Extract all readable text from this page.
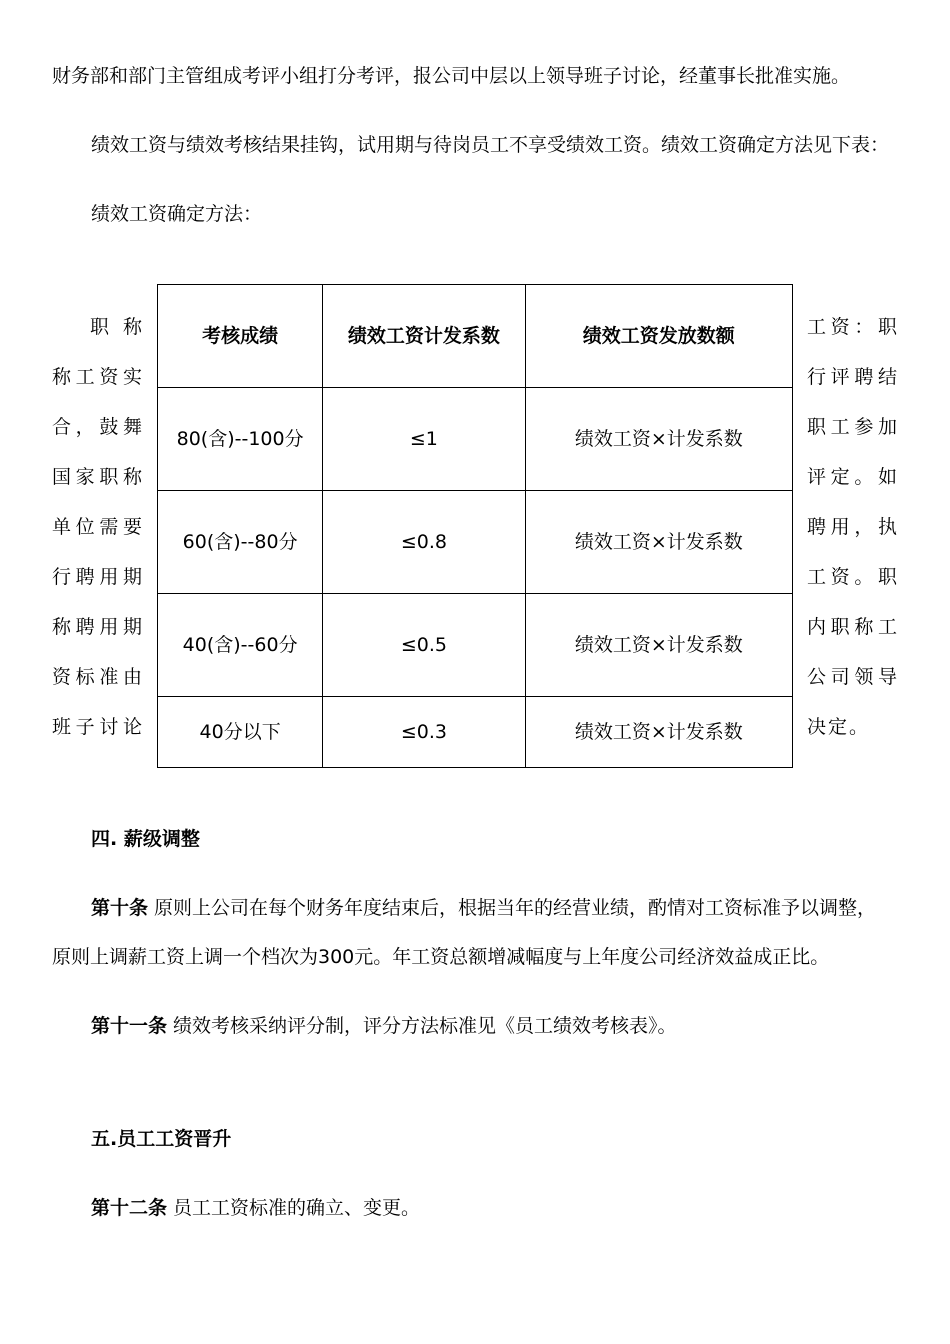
财务部和部门主管组成考评小组打分考评，报公司中层以上领导班子讨论，经董事长批准实施。
绩效工资与绩效考核结果挂钩，试用期与待岗员工不享受绩效工资。绩效工资确定方法见下表：
绩效工资确定方法：
职称
称工资实
合，鼓舞
国家职称
单位需要
行聘用期
称聘用期
资标准由
班子讨论
考核成绩	绩效工资计发系数	绩效工资发放数额
80(含)--100分	≤1	绩效工资×计发系数
60(含)--80分	≤0.8	绩效工资×计发系数
40(含)--60分	≤0.5	绩效工资×计发系数
40分以下	≤0.3	绩效工资×计发系数
工资：职
行评聘结
职工参加
评定。如
聘用，执
工资。职
内职称工
公司领导
决定。
四. 薪级调整
第十条 原则上公司在每个财务年度结束后，根据当年的经营业绩，酌情对工资标准予以调整，
原则上调薪工资上调一个档次为300元。年工资总额增减幅度与上年度公司经济效益成正比。
第十一条 绩效考核采纳评分制，评分方法标准见《员工绩效考核表》。
五.员工工资晋升
第十二条 员工工资标准的确立、变更。
